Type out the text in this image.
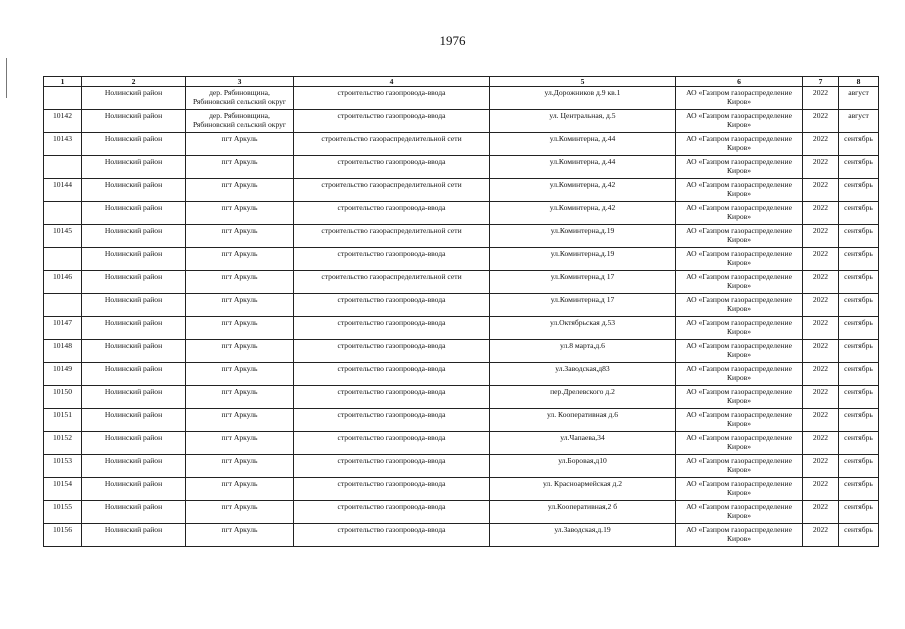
1976
1	2	3	4	5	6	7	8
	Нолинский район	дер. Рябиновщина, Рябиновский сельский округ	строительство газопровода-ввода	ул.Дорожников д.9 кв.1	АО «Газпром газораспределение Киров»	2022	август
10142	Нолинский район	дер. Рябиновщина, Рябиновский сельский округ	строительство газопровода-ввода	ул. Центральная, д.5	АО «Газпром газораспределение Киров»	2022	август
10143	Нолинский район	пгт Аркуль	строительство газораспределительной сети	ул.Коминтерна, д.44	АО «Газпром газораспределение Киров»	2022	сентябрь
	Нолинский район	пгт Аркуль	строительство газопровода-ввода	ул.Коминтерна, д.44	АО «Газпром газораспределение Киров»	2022	сентябрь
10144	Нолинский район	пгт Аркуль	строительство газораспределительной сети	ул.Коминтерна, д.42	АО «Газпром газораспределение Киров»	2022	сентябрь
	Нолинский район	пгт Аркуль	строительство газопровода-ввода	ул.Коминтерна, д.42	АО «Газпром газораспределение Киров»	2022	сентябрь
10145	Нолинский район	пгт Аркуль	строительство газораспределительной сети	ул.Коминтерна,д.19	АО «Газпром газораспределение Киров»	2022	сентябрь
	Нолинский район	пгт Аркуль	строительство газопровода-ввода	ул.Коминтерна,д.19	АО «Газпром газораспределение Киров»	2022	сентябрь
10146	Нолинский район	пгт Аркуль	строительство газораспределительной сети	ул.Коминтерна,д 17	АО «Газпром газораспределение Киров»	2022	сентябрь
	Нолинский район	пгт Аркуль	строительство газопровода-ввода	ул.Коминтерна,д 17	АО «Газпром газораспределение Киров»	2022	сентябрь
10147	Нолинский район	пгт Аркуль	строительство газопровода-ввода	ул.Октябрьская д.53	АО «Газпром газораспределение Киров»	2022	сентябрь
10148	Нолинский район	пгт Аркуль	строительство газопровода-ввода	ул.8 марта,д.6	АО «Газпром газораспределение Киров»	2022	сентябрь
10149	Нолинский район	пгт Аркуль	строительство газопровода-ввода	ул.Заводская,д83	АО «Газпром газораспределение Киров»	2022	сентябрь
10150	Нолинский район	пгт Аркуль	строительство газопровода-ввода	пер.Дрелевского д.2	АО «Газпром газораспределение Киров»	2022	сентябрь
10151	Нолинский район	пгт Аркуль	строительство газопровода-ввода	ул. Кооперативная д.6	АО «Газпром газораспределение Киров»	2022	сентябрь
10152	Нолинский район	пгт Аркуль	строительство газопровода-ввода	ул.Чапаева,34	АО «Газпром газораспределение Киров»	2022	сентябрь
10153	Нолинский район	пгт Аркуль	строительство газопровода-ввода	ул.Боровая,д10	АО «Газпром газораспределение Киров»	2022	сентябрь
10154	Нолинский район	пгт Аркуль	строительство газопровода-ввода	ул. Красноармейская д.2	АО «Газпром газораспределение Киров»	2022	сентябрь
10155	Нолинский район	пгт Аркуль	строительство газопровода-ввода	ул.Кооперативная,2 б	АО «Газпром газораспределение Киров»	2022	сентябрь
10156	Нолинский район	пгт Аркуль	строительство газопровода-ввода	ул.Заводская,д.19	АО «Газпром газораспределение Киров»	2022	сентябрь
